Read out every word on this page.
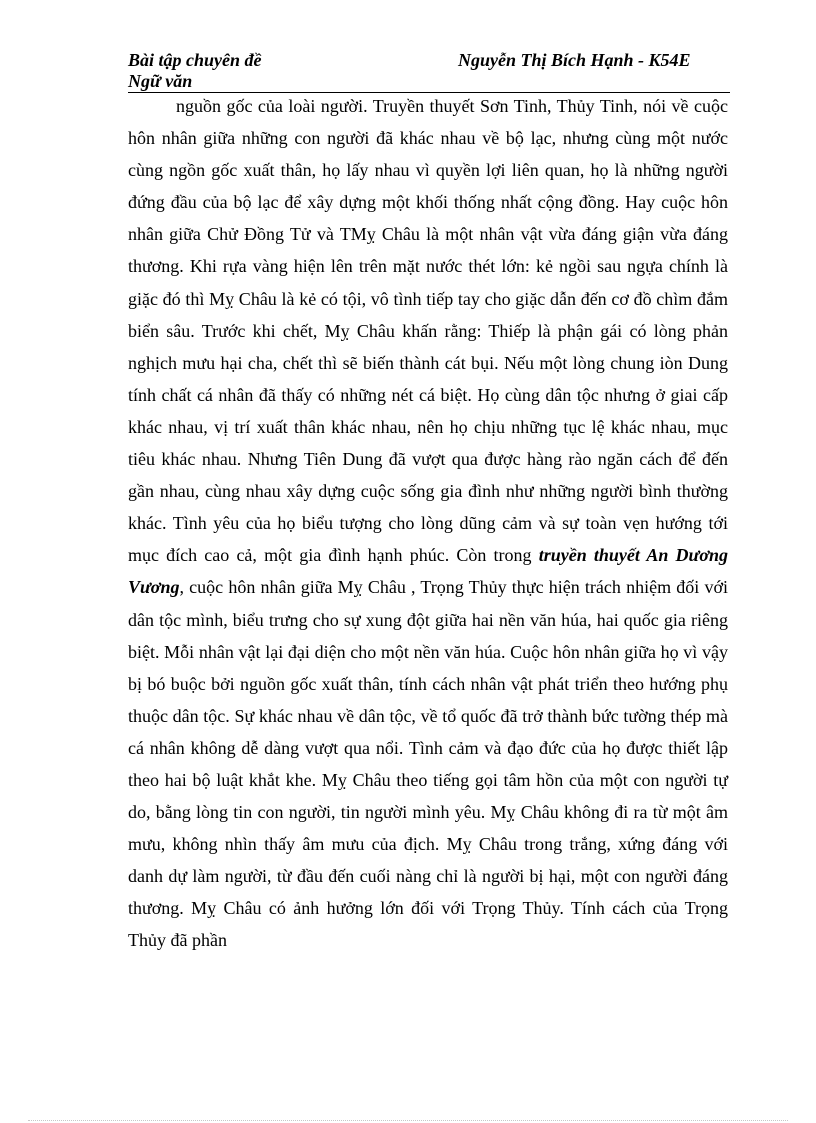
Bài tập chuyên đề
Ngữ văn
Nguyễn Thị Bích Hạnh - K54E

nguồn gốc của loài người. Truyền thuyết Sơn Tinh, Thủy Tinh, nói về cuộc hôn nhân giữa những con người đã khác nhau về bộ lạc, nhưng cùng một nước cùng ngồn gốc xuất thân, họ lấy nhau vì quyền lợi liên quan, họ là những người đứng đầu của bộ lạc để xây dựng một khối thống nhất cộng đồng. Hay cuộc hôn nhân giữa Chử Đồng Tử và TMỵ Châu là một nhân vật vừa đáng giận vừa đáng thương. Khi rựa vàng hiện lên trên mặt nước thét lớn: kẻ ngồi sau ngựa chính là giặc đó thì Mỵ Châu là kẻ có tội, vô tình tiếp tay cho giặc dẫn đến cơ đồ chìm đắm biển sâu. Trước khi chết, Mỵ Châu khấn rằng: Thiếp là phận gái có lòng phản nghịch mưu hại cha, chết thì sẽ biến thành cát bụi. Nếu một lòng chung iòn Dung tính chất cá nhân đã thấy có những nét cá biệt. Họ cùng dân tộc nhưng ở giai cấp khác nhau, vị trí xuất thân khác nhau, nên họ chịu những tục lệ khác nhau, mục tiêu khác nhau. Nhưng Tiên Dung đã vượt qua được hàng rào ngăn cách để đến gần nhau, cùng nhau xây dựng cuộc sống gia đình như những người bình thường khác. Tình yêu của họ biểu tượng cho lòng dũng cảm và sự toàn vẹn hướng tới mục đích cao cả, một gia đình hạnh phúc. Còn trong truyền thuyết An Dương Vương, cuộc hôn nhân giữa Mỵ Châu , Trọng Thủy thực hiện trách nhiệm đối với dân tộc mình, biểu trưng cho sự xung đột giữa hai nền văn húa, hai quốc gia riêng biệt. Mỗi nhân vật lại đại diện cho một nền văn húa. Cuộc hôn nhân giữa họ vì vậy bị bó buộc bởi nguồn gốc xuất thân, tính cách nhân vật phát triển theo hướng phụ thuộc dân tộc. Sự khác nhau về dân tộc, về tổ quốc đã trở thành bức tường thép mà cá nhân không dễ dàng vượt qua nổi. Tình cảm và đạo đức của họ được thiết lập theo hai bộ luật khắt khe. Mỵ Châu theo tiếng gọi tâm hồn của một con người tự do, bằng lòng tin con người, tin người mình yêu. Mỵ Châu không đi ra từ một âm mưu, không nhìn thấy âm mưu của địch. Mỵ Châu trong trắng, xứng đáng với danh dự làm người, từ đầu đến cuối nàng chỉ là người bị hại, một con người đáng thương. Mỵ Châu có ảnh hưởng lớn đối với Trọng Thủy. Tính cách của Trọng Thủy đã phần
